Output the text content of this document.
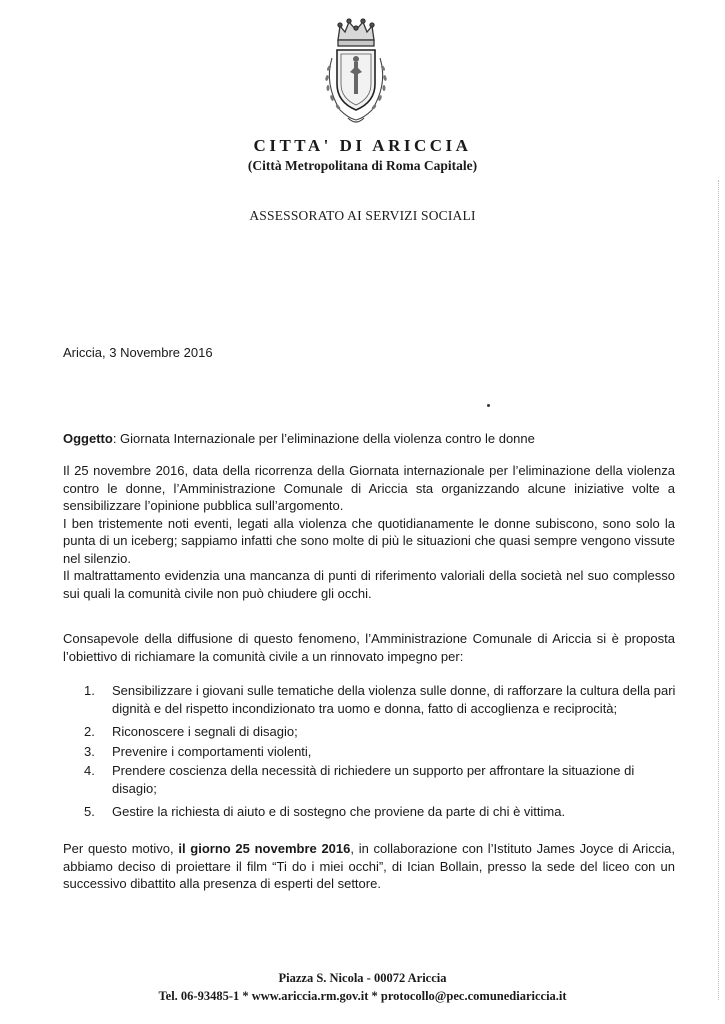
CITTA' DI ARICCIA
(Città Metropolitana di Roma Capitale)
ASSESSORATO AI SERVIZI SOCIALI
Ariccia, 3 Novembre 2016
Oggetto: Giornata Internazionale per l’eliminazione della violenza contro le donne
Il 25 novembre 2016, data della ricorrenza della Giornata internazionale per l’eliminazione della violenza contro le donne, l’Amministrazione Comunale di Ariccia sta organizzando alcune iniziative volte a sensibilizzare l’opinione pubblica sull’argomento.
I ben tristemente noti eventi, legati alla violenza che quotidianamente le donne subiscono, sono solo la punta di un iceberg; sappiamo infatti che sono molte di più le situazioni che quasi sempre vengono vissute nel silenzio.
Il maltrattamento evidenzia una mancanza di punti di riferimento valoriali della società nel suo complesso sui quali la comunità civile non può chiudere gli occhi.

Consapevole della diffusione di questo fenomeno, l’Amministrazione Comunale di Ariccia si è proposta l’obiettivo di richiamare la comunità civile a un rinnovato impegno per:

1. Sensibilizzare i giovani sulle tematiche della violenza sulle donne, di rafforzare la cultura della pari dignità e del rispetto incondizionato tra uomo e donna, fatto di accoglienza e reciprocità;
2. Riconoscere i segnali di disagio;
3. Prevenire i comportamenti violenti,
4. Prendere coscienza della necessità di richiedere un supporto per affrontare la situazione di disagio;
5. Gestire la richiesta di aiuto e di sostegno che proviene da parte di chi è vittima.

Per questo motivo, il giorno 25 novembre 2016, in collaborazione con l’Istituto James Joyce di Ariccia, abbiamo deciso di proiettare il film “Ti do i miei occhi”, di Ician Bollain, presso la sede del liceo con un successivo dibattito alla presenza di esperti del settore.

Piazza S. Nicola - 00072 Ariccia
Tel. 06-93485-1 * www.ariccia.rm.gov.it * protocollo@pec.comunediariccia.it
